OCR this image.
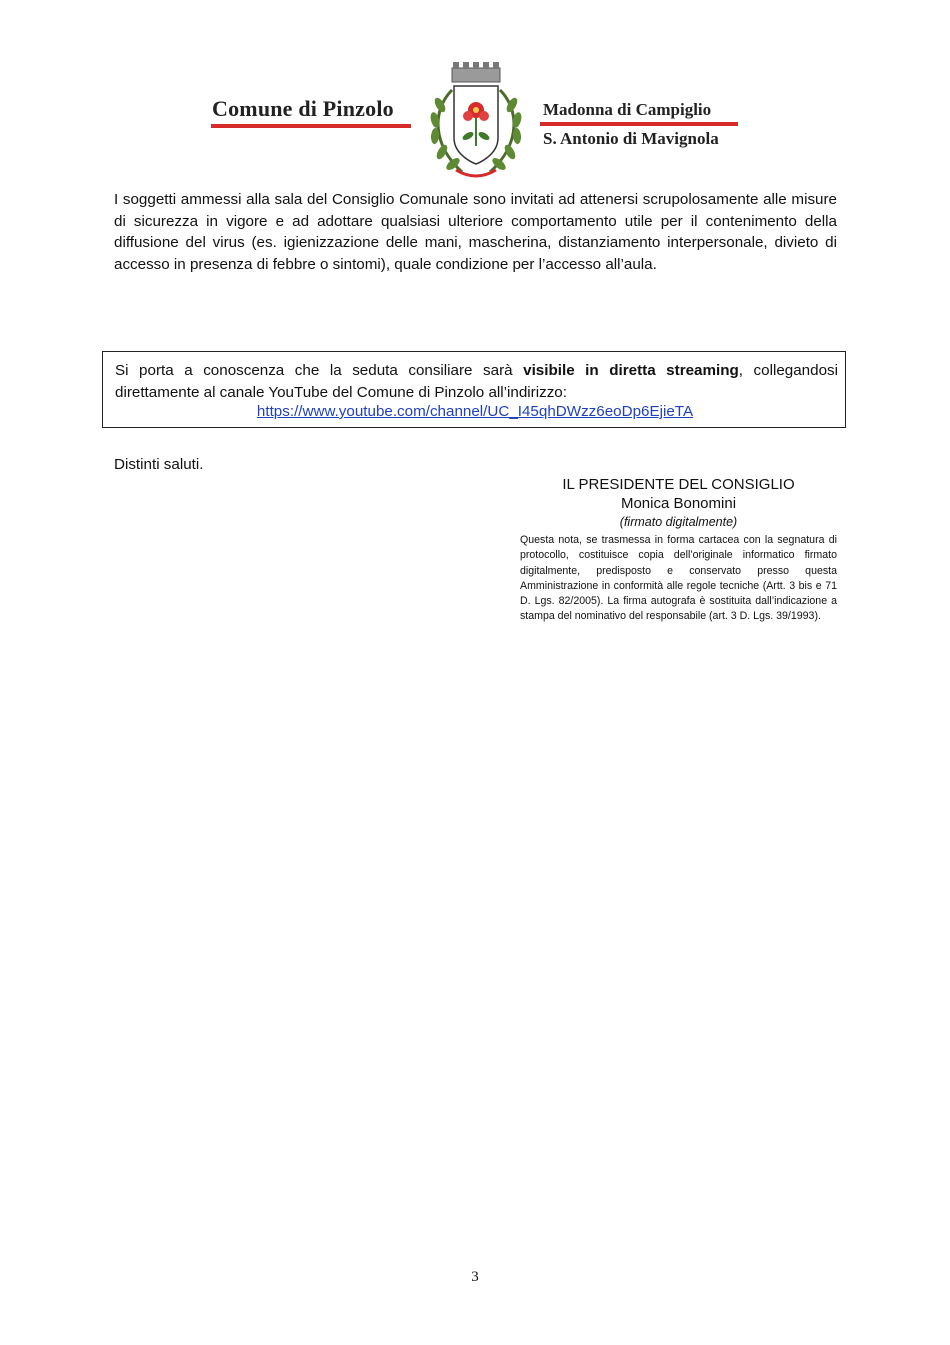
Comune di Pinzolo	Madonna di Campiglio
S. Antonio di Mavignola

I soggetti ammessi alla sala del Consiglio Comunale sono invitati ad attenersi scrupolosamente alle misure di sicurezza in vigore e ad adottare qualsiasi ulteriore comportamento utile per il contenimento della diffusione del virus (es. igienizzazione delle mani, mascherina, distanziamento interpersonale, divieto di accesso in presenza di febbre o sintomi), quale condizione per l’accesso all’aula.

Si porta a conoscenza che la seduta consiliare sarà visibile in diretta streaming, collegandosi direttamente al canale YouTube del Comune di Pinzolo all’indirizzo:
https://www.youtube.com/channel/UC_I45qhDWzz6eoDp6EjieTA
Distinti saluti.
IL PRESIDENTE DEL CONSIGLIO
Monica Bonomini
(firmato digitalmente)
Questa nota, se trasmessa in forma cartacea con la segnatura di protocollo, costituisce copia dell’originale informatico firmato digitalmente, predisposto e conservato presso questa Amministrazione in conformità alle regole tecniche (Artt. 3 bis e 71 D. Lgs. 82/2005). La firma autografa è sostituita dall’indicazione a stampa del nominativo del responsabile (art. 3 D. Lgs. 39/1993).
3
